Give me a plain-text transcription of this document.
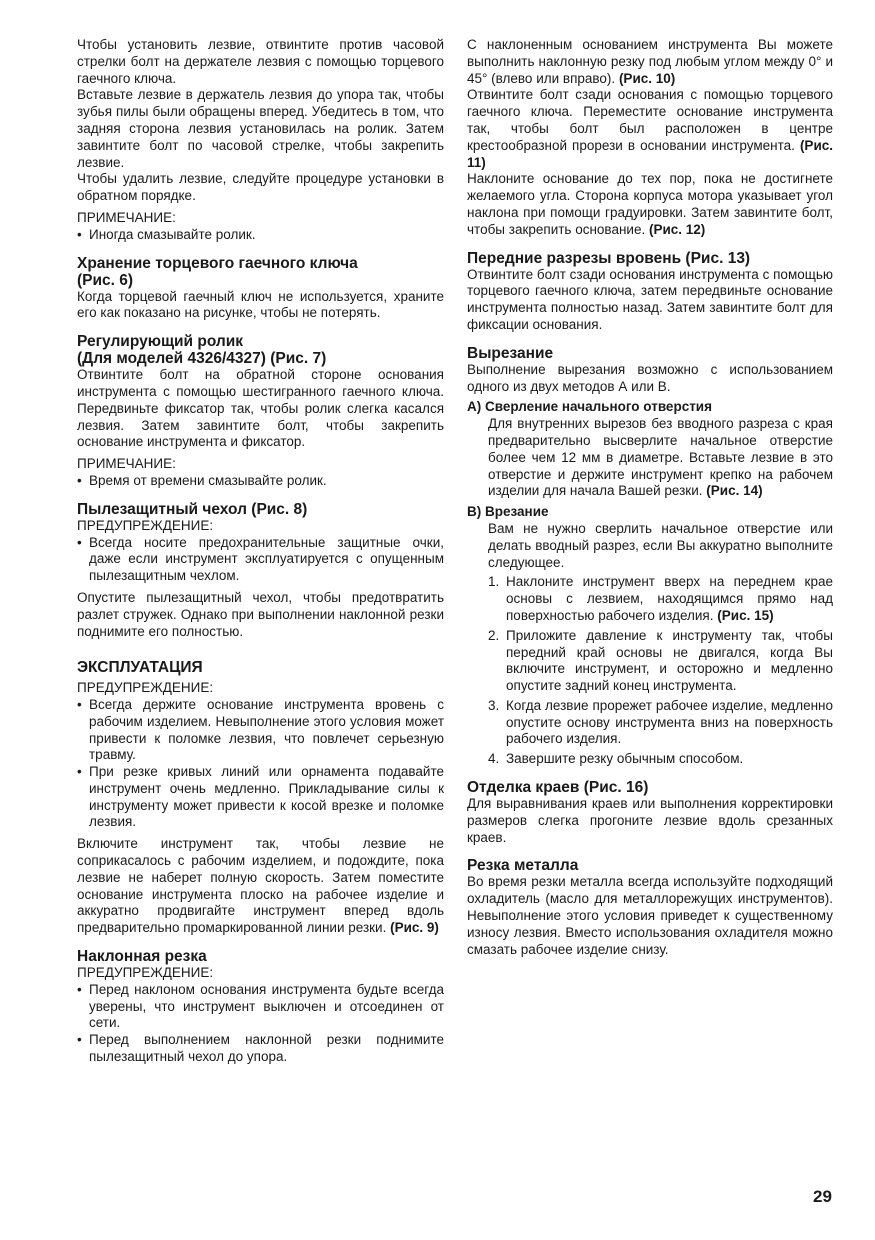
Чтобы установить лезвие, отвинтите против часовой стрелки болт на держателе лезвия с помощью торцевого гаечного ключа.

Вставьте лезвие в держатель лезвия до упора так, чтобы зубья пилы были обращены вперед. Убедитесь в том, что задняя сторона лезвия установилась на ролик. Затем завинтите болт по часовой стрелке, чтобы закрепить лезвие.

Чтобы удалить лезвие, следуйте процедуре установки в обратном порядке.

ПРИМЕЧАНИЕ:

• Иногда смазывайте ролик.

Хранение торцевого гаечного ключа
(Рис. 6)

Когда торцевой гаечный ключ не используется, храните его как показано на рисунке, чтобы не потерять.

Регулирующий ролик
(Для моделей 4326/4327) (Рис. 7)

Отвинтите болт на обратной стороне основания инструмента с помощью шестигранного гаечного ключа. Передвиньте фиксатор так, чтобы ролик слегка касался лезвия. Затем завинтите болт, чтобы закрепить основание инструмента и фиксатор.

ПРИМЕЧАНИЕ:

• Время от времени смазывайте ролик.

Пылезащитный чехол (Рис. 8)

ПРЕДУПРЕЖДЕНИЕ:

• Всегда носите предохранительные защитные очки, даже если инструмент эксплуатируется с опущенным пылезащитным чехлом.

Опустите пылезащитный чехол, чтобы предотвратить разлет стружек. Однако при выполнении наклонной резки поднимите его полностью.

ЭКСПЛУАТАЦИЯ

ПРЕДУПРЕЖДЕНИЕ:

• Всегда держите основание инструмента вровень с рабочим изделием. Невыполнение этого условия может привести к поломке лезвия, что повлечет серьезную травму.

• При резке кривых линий или орнамента подавайте инструмент очень медленно. Прикладывание силы к инструменту может привести к косой врезке и поломке лезвия.

Включите инструмент так, чтобы лезвие не соприкасалось с рабочим изделием, и подождите, пока лезвие не наберет полную скорость. Затем поместите основание инструмента плоско на рабочее изделие и аккуратно продвигайте инструмент вперед вдоль предварительно промаркированной линии резки. (Рис. 9)

Наклонная резка

ПРЕДУПРЕЖДЕНИЕ:

• Перед наклоном основания инструмента будьте всегда уверены, что инструмент выключен и отсоединен от сети.

• Перед выполнением наклонной резки поднимите пылезащитный чехол до упора.

С наклоненным основанием инструмента Вы можете выполнить наклонную резку под любым углом между 0° и 45° (влево или вправо). (Рис. 10)

Отвинтите болт сзади основания с помощью торцевого гаечного ключа. Переместите основание инструмента так, чтобы болт был расположен в центре крестообразной прорези в основании инструмента. (Рис. 11)

Наклоните основание до тех пор, пока не достигнете желаемого угла. Сторона корпуса мотора указывает угол наклона при помощи градуировки. Затем завинтите болт, чтобы закрепить основание. (Рис. 12)

Передние разрезы вровень (Рис. 13)

Отвинтите болт сзади основания инструмента с помощью торцевого гаечного ключа, затем передвиньте основание инструмента полностью назад. Затем завинтите болт для фиксации основания.

Вырезание

Выполнение вырезания возможно с использованием одного из двух методов А или В.

А) Сверление начального отверстия

Для внутренних вырезов без вводного разреза с края предварительно высверлите начальное отверстие более чем 12 мм в диаметре. Вставьте лезвие в это отверстие и держите инструмент крепко на рабочем изделии для начала Вашей резки. (Рис. 14)

В) Врезание

Вам не нужно сверлить начальное отверстие или делать вводный разрез, если Вы аккуратно выполните следующее.

1. Наклоните инструмент вверх на переднем крае основы с лезвием, находящимся прямо над поверхностью рабочего изделия. (Рис. 15)

2. Приложите давление к инструменту так, чтобы передний край основы не двигался, когда Вы включите инструмент, и осторожно и медленно опустите задний конец инструмента.

3. Когда лезвие прорежет рабочее изделие, медленно опустите основу инструмента вниз на поверхность рабочего изделия.

4. Завершите резку обычным способом.

Отделка краев (Рис. 16)

Для выравнивания краев или выполнения корректировки размеров слегка прогоните лезвие вдоль срезанных краев.

Резка металла

Во время резки металла всегда используйте подходящий охладитель (масло для металлорежущих инструментов). Невыполнение этого условия приведет к существенному износу лезвия. Вместо использования охладителя можно смазать рабочее изделие снизу.

29
